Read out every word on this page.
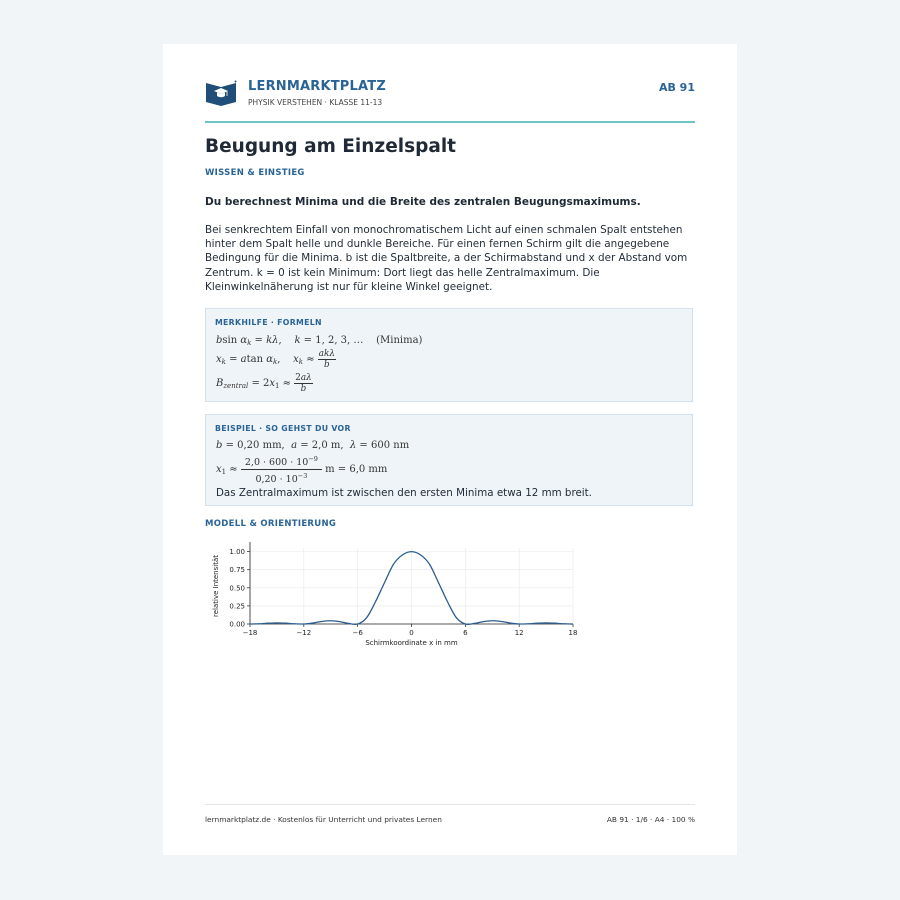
LERNMARKTPLATZ
PHYSIK VERSTEHEN · KLASSE 11-13
AB 91
Beugung am Einzelspalt
WISSEN & EINSTIEG
Du berechnest Minima und die Breite des zentralen Beugungsmaximums.
Bei senkrechtem Einfall von monochromatischem Licht auf einen schmalen Spalt entstehen hinter dem Spalt helle und dunkle Bereiche. Für einen fernen Schirm gilt die angegebene Bedingung für die Minima. b ist die Spaltbreite, a der Schirmabstand und x der Abstand vom Zentrum. k = 0 ist kein Minimum: Dort liegt das helle Zentralmaximum. Die Kleinwinkelnäherung ist nur für kleine Winkel geeignet.
MERKHILFE · FORMELN
bsin $\alpha_k = k\lambda$,    k = 1, 2, 3, …    (Minima)
$x_k = atan$ $\alpha_k$,    $x_k \approx \frac{\text{akλ}}{b}$
$B_{zentral} = 2x_1 \approx \frac{2a\lambda}{b}$
BEISPIEL · SO GEHST DU VOR
b = 0,20 mm,  a = 2,0 m,  λ = 600 nm
$x_1 \approx \frac{2,0 \cdot 600 \cdot 10^{-9}}{0,20 \cdot 10^{-3}}$ m = 6,0 mm
Das Zentralmaximum ist zwischen den ersten Minima etwa 12 mm breit.
MODELL & ORIENTIERUNG
−18	−12	−6	0	6	12	18
0.00
0.25
0.50
0.75
1.00
Schirmkoordinate x in mm
relative Intensität
lernmarktplatz.de · Kostenlos für Unterricht und privates Lernen	AB 91 · 1/6 · A4 · 100 %
